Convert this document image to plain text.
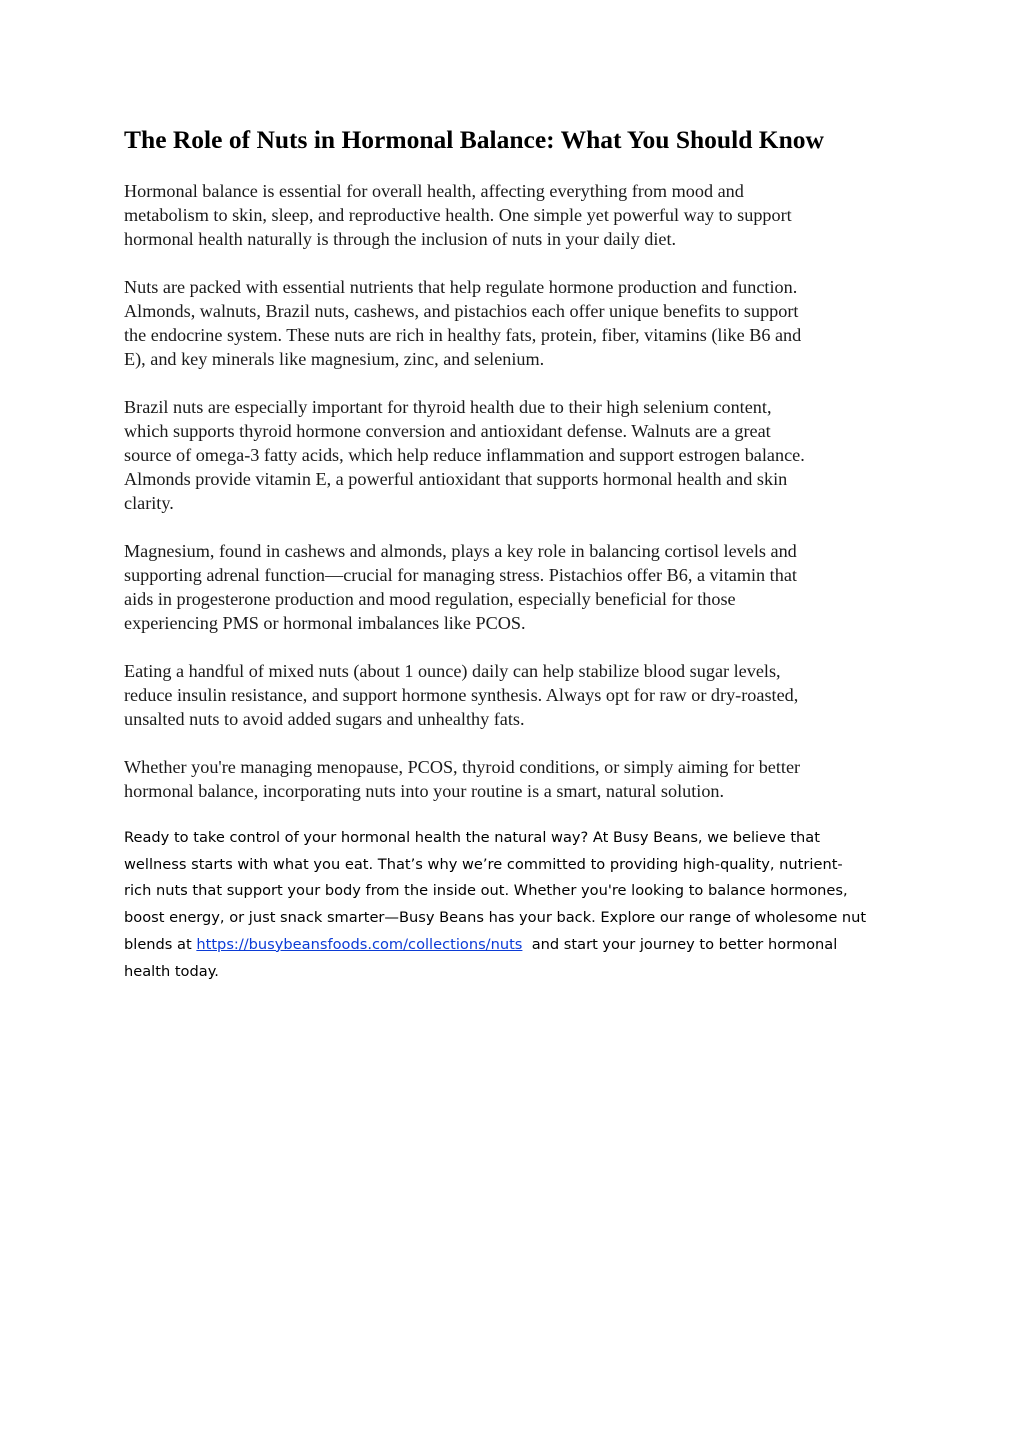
The Role of Nuts in Hormonal Balance: What You Should Know

Hormonal balance is essential for overall health, affecting everything from mood and
metabolism to skin, sleep, and reproductive health. One simple yet powerful way to support
hormonal health naturally is through the inclusion of nuts in your daily diet.

Nuts are packed with essential nutrients that help regulate hormone production and function.
Almonds, walnuts, Brazil nuts, cashews, and pistachios each offer unique benefits to support
the endocrine system. These nuts are rich in healthy fats, protein, fiber, vitamins (like B6 and
E), and key minerals like magnesium, zinc, and selenium.

Brazil nuts are especially important for thyroid health due to their high selenium content,
which supports thyroid hormone conversion and antioxidant defense. Walnuts are a great
source of omega-3 fatty acids, which help reduce inflammation and support estrogen balance.
Almonds provide vitamin E, a powerful antioxidant that supports hormonal health and skin
clarity.

Magnesium, found in cashews and almonds, plays a key role in balancing cortisol levels and
supporting adrenal function—crucial for managing stress. Pistachios offer B6, a vitamin that
aids in progesterone production and mood regulation, especially beneficial for those
experiencing PMS or hormonal imbalances like PCOS.

Eating a handful of mixed nuts (about 1 ounce) daily can help stabilize blood sugar levels,
reduce insulin resistance, and support hormone synthesis. Always opt for raw or dry-roasted,
unsalted nuts to avoid added sugars and unhealthy fats.

Whether you're managing menopause, PCOS, thyroid conditions, or simply aiming for better
hormonal balance, incorporating nuts into your routine is a smart, natural solution.

Ready to take control of your hormonal health the natural way? At Busy Beans, we believe that
wellness starts with what you eat. That’s why we’re committed to providing high-quality, nutrient-
rich nuts that support your body from the inside out. Whether you're looking to balance hormones,
boost energy, or just snack smarter—Busy Beans has your back. Explore our range of wholesome nut
blends at https://busybeansfoods.com/collections/nuts  and start your journey to better hormonal
health today.
